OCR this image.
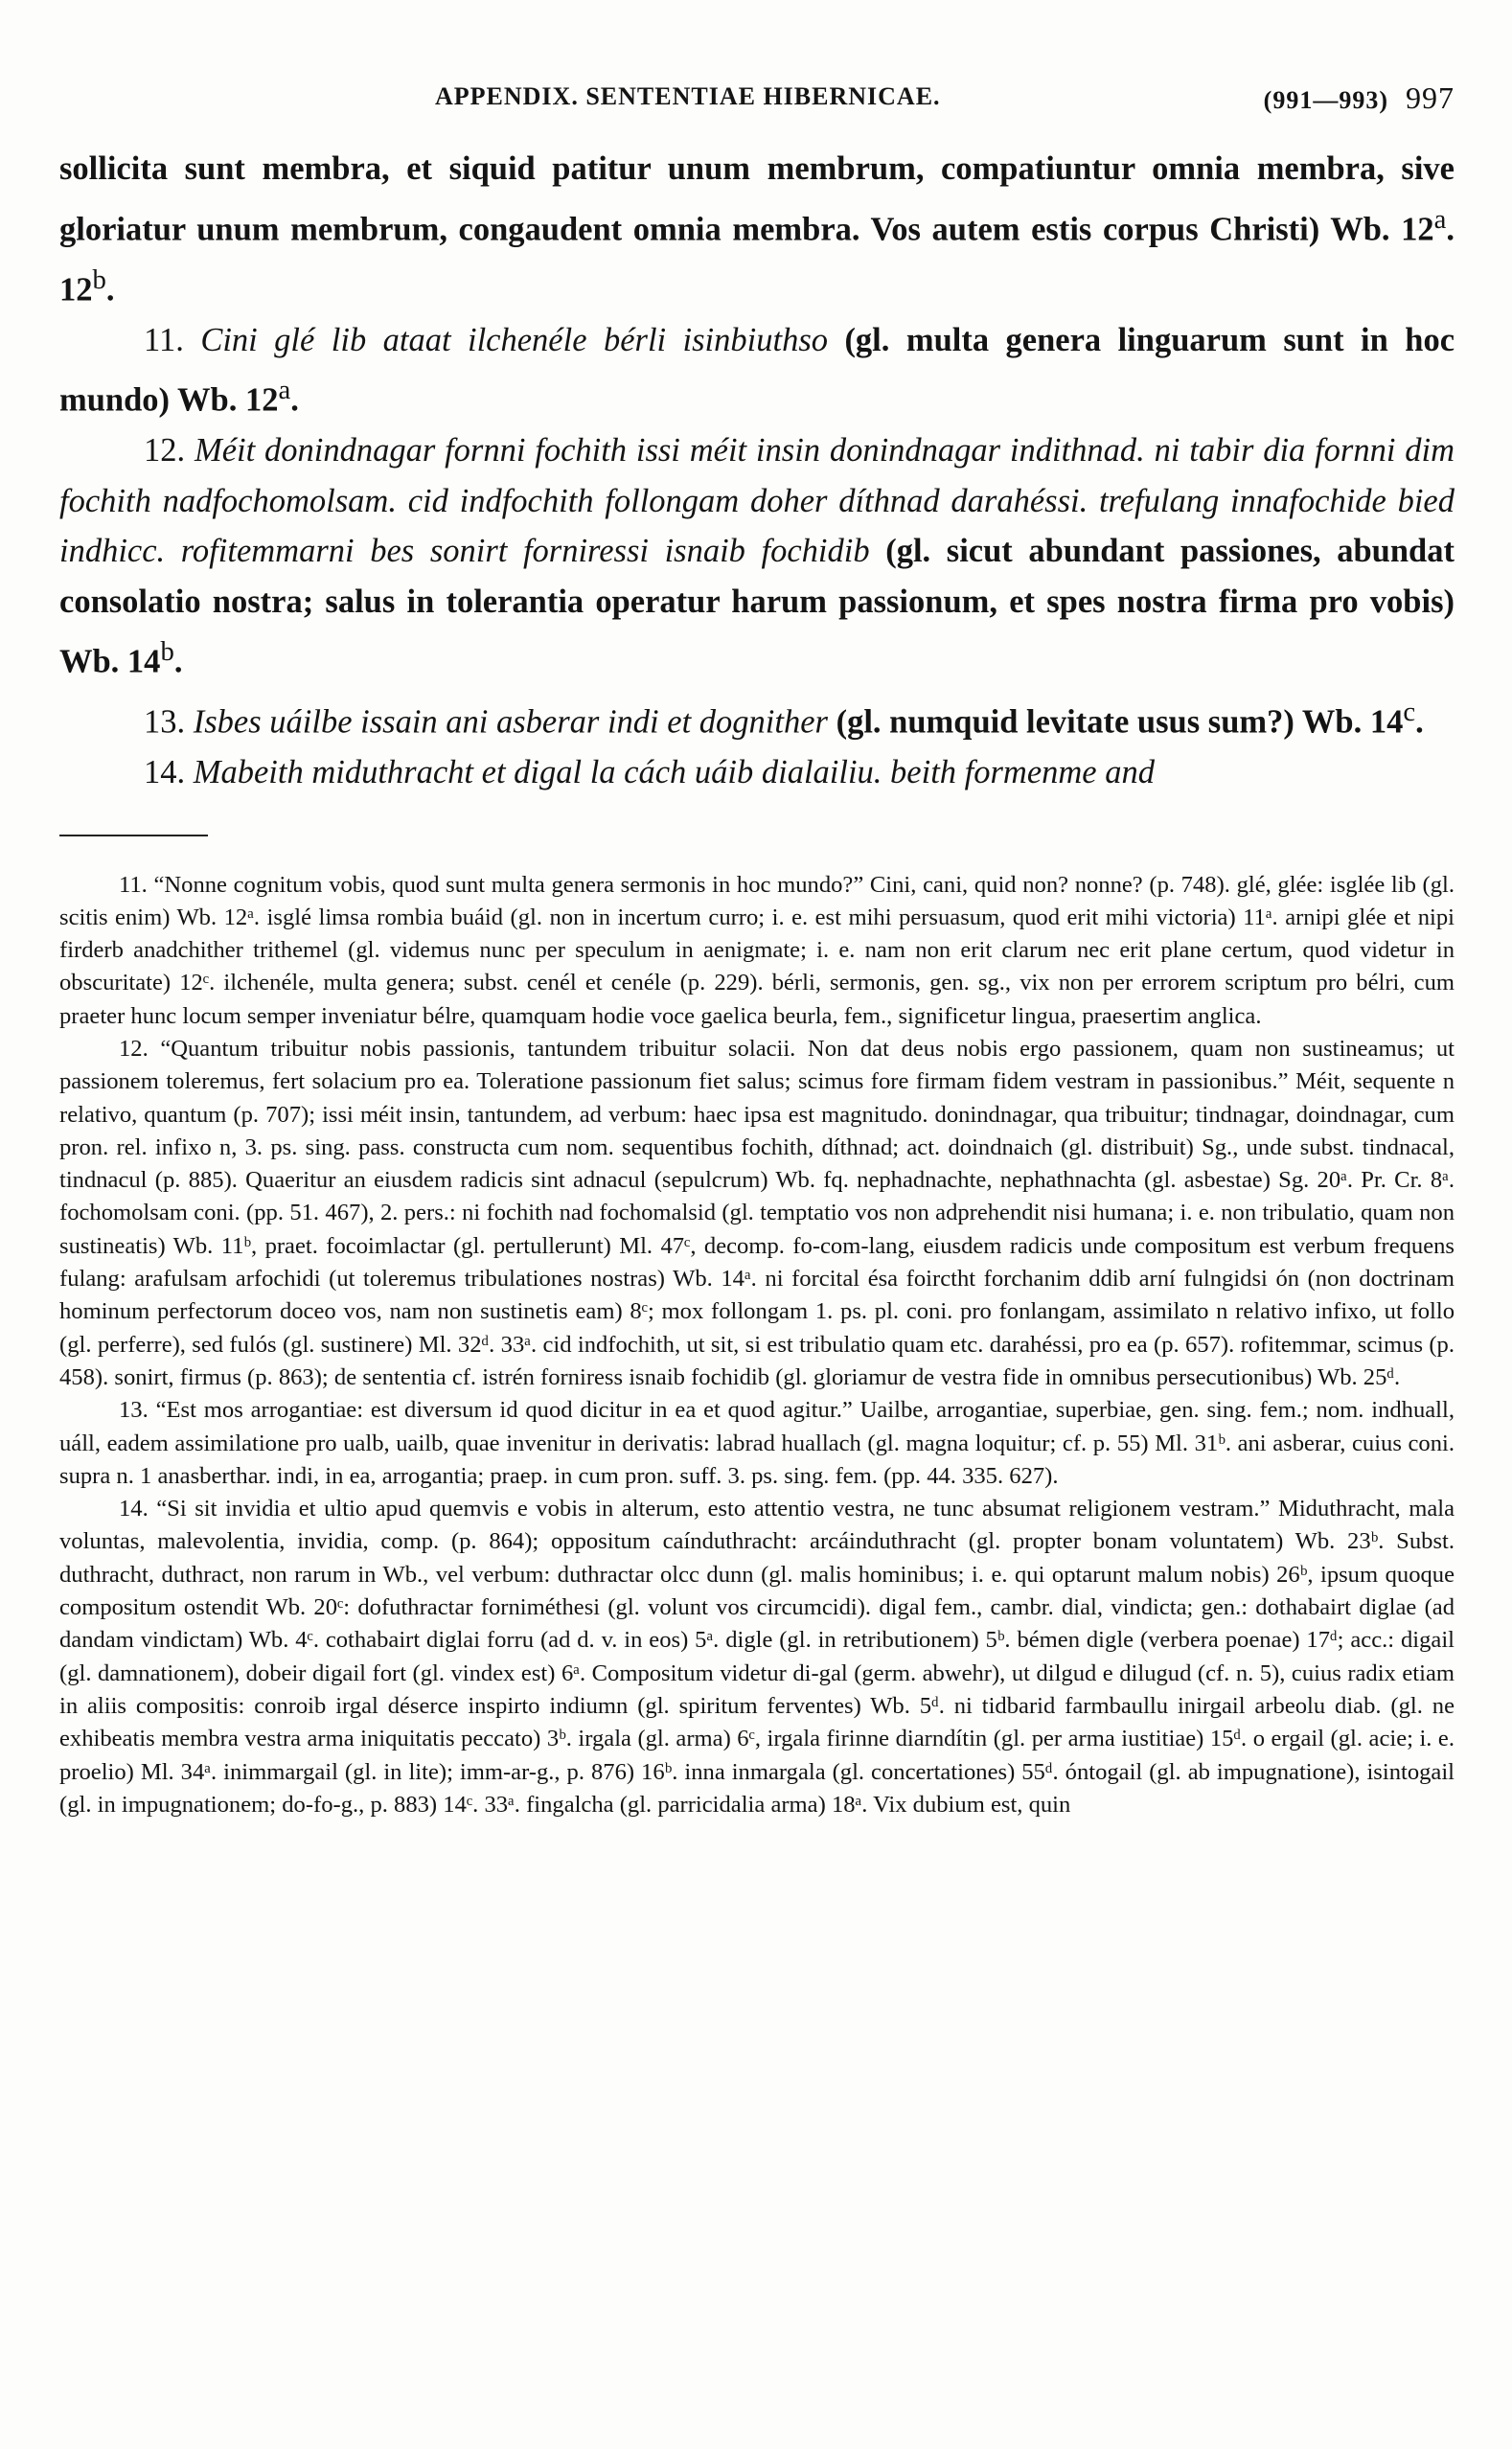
APPENDIX. SENTENTIAE HIBERNICAE.	(991—993) 997

sollicita sunt membra, et siquid patitur unum membrum, compatiuntur omnia membra, sive gloriatur unum membrum, congaudent omnia membra. Vos autem estis corpus Christi) Wb. 12$^a$. 12$^b$.

11. Cini glé lib ataat ilchenéle bérli isinbiuthso (gl. multa genera linguarum sunt in hoc mundo) Wb. 12$^a$.

12. Méit donindnagar fornni fochith issi méit insin donindnagar indithnad. ni tabir dia fornni dim fochith nadfochomolsam. cid indfochith follongam doher díthnad darahéssi. trefulang innafochide bied indhicc. rofitemmarni bes sonirt forniressi isnaib fochidib (gl. sicut abundant passiones, abundat consolatio nostra; salus in tolerantia operatur harum passionum, et spes nostra firma pro vobis) Wb. 14$^b$.

13. Isbes uáilbe issain ani asberar indi et dognither (gl. numquid levitate usus sum?) Wb. 14$^c$.

14. Mabeith miduthracht et digal la cách uáib dialailiu. beith formenme and

11. “Nonne cognitum vobis, quod sunt multa genera sermonis in hoc mundo?” Cini, cani, quid non? nonne? (p. 748). glé, glée: isglée lib (gl. scitis enim) Wb. 12ᵃ. isglé limsa rombia buáid (gl. non in incertum curro; i. e. est mihi persuasum, quod erit mihi victoria) 11ᵃ. arnipi glée et nipi firderb anadchither trithemel (gl. videmus nunc per speculum in aenigmate; i. e. nam non erit clarum nec erit plane certum, quod videtur in obscuritate) 12ᶜ. ilchenéle, multa genera; subst. cenél et cenéle (p. 229). bérli, sermonis, gen. sg., vix non per errorem scriptum pro bélri, cum praeter hunc locum semper inveniatur bélre, quamquam hodie voce gaelica beurla, fem., significetur lingua, praesertim anglica.

12. “Quantum tribuitur nobis passionis, tantundem tribuitur solacii. Non dat deus nobis ergo passionem, quam non sustineamus; ut passionem toleremus, fert solacium pro ea. Toleratione passionum fiet salus; scimus fore firmam fidem vestram in passionibus.” Méit, sequente n relativo, quantum (p. 707); issi méit insin, tantundem, ad verbum: haec ipsa est magnitudo. donindnagar, qua tribuitur; tindnagar, doindnagar, cum pron. rel. infixo n, 3. ps. sing. pass. constructa cum nom. sequentibus fochith, díthnad; act. doindnaich (gl. distribuit) Sg., unde subst. tindnacal, tindnacul (p. 885). Quaeritur an eiusdem radicis sint adnacul (sepulcrum) Wb. fq. nephadnachte, nephathnachta (gl. asbestae) Sg. 20ᵃ. Pr. Cr. 8ᵃ. fochomolsam coni. (pp. 51. 467), 2. pers.: ni fochith nad fochomalsid (gl. temptatio vos non adprehendit nisi humana; i. e. non tribulatio, quam non sustineatis) Wb. 11ᵇ, praet. focoimlactar (gl. pertullerunt) Ml. 47ᶜ, decomp. fo-com-lang, eiusdem radicis unde compositum est verbum frequens fulang: arafulsam arfochidi (ut toleremus tribulationes nostras) Wb. 14ᵃ. ni forcital ésa foirctht forchanim ddib arní fulngidsi ón (non doctrinam hominum perfectorum doceo vos, nam non sustinetis eam) 8ᶜ; mox follongam 1. ps. pl. coni. pro fonlangam, assimilato n relativo infixo, ut follo (gl. perferre), sed fulós (gl. sustinere) Ml. 32ᵈ. 33ᵃ. cid indfochith, ut sit, si est tribulatio quam etc. darahéssi, pro ea (p. 657). rofitemmar, scimus (p. 458). sonirt, firmus (p. 863); de sententia cf. istrén forniress isnaib fochidib (gl. gloriamur de vestra fide in omnibus persecutionibus) Wb. 25ᵈ.

13. “Est mos arrogantiae: est diversum id quod dicitur in ea et quod agitur.” Uailbe, arrogantiae, superbiae, gen. sing. fem.; nom. indhuall, uáll, eadem assimilatione pro ualb, uailb, quae invenitur in derivatis: labrad huallach (gl. magna loquitur; cf. p. 55) Ml. 31ᵇ. ani asberar, cuius coni. supra n. 1 anasberthar. indi, in ea, arrogantia; praep. in cum pron. suff. 3. ps. sing. fem. (pp. 44. 335. 627).

14. “Si sit invidia et ultio apud quemvis e vobis in alterum, esto attentio vestra, ne tunc absumat religionem vestram.” Miduthracht, mala voluntas, malevolentia, invidia, comp. (p. 864); oppositum caínduthracht: arcáinduthracht (gl. propter bonam voluntatem) Wb. 23ᵇ. Subst. duthracht, duthract, non rarum in Wb., vel verbum: duthractar olcc dunn (gl. malis hominibus; i. e. qui optarunt malum nobis) 26ᵇ, ipsum quoque compositum ostendit Wb. 20ᶜ: dofuthractar forniméthesi (gl. volunt vos circumcidi). digal fem., cambr. dial, vindicta; gen.: dothabairt diglae (ad dandam vindictam) Wb. 4ᶜ. cothabairt diglai forru (ad d. v. in eos) 5ᵃ. digle (gl. in retributionem) 5ᵇ. bémen digle (verbera poenae) 17ᵈ; acc.: digail (gl. damnationem), dobeir digail fort (gl. vindex est) 6ᵃ. Compositum videtur di-gal (germ. abwehr), ut dilgud e dilugud (cf. n. 5), cuius radix etiam in aliis compositis: conroib irgal déserce inspirto indiumn (gl. spiritum ferventes) Wb. 5ᵈ. ni tidbarid farmbaullu inirgail arbeolu diab. (gl. ne exhibeatis membra vestra arma iniquitatis peccato) 3ᵇ. irgala (gl. arma) 6ᶜ, irgala firinne diarndítin (gl. per arma iustitiae) 15ᵈ. o ergail (gl. acie; i. e. proelio) Ml. 34ᵃ. inimmargail (gl. in lite); imm-ar-g., p. 876) 16ᵇ. inna inmargala (gl. concertationes) 55ᵈ. óntogail (gl. ab impugnatione), isintogail (gl. in impugnationem; do-fo-g., p. 883) 14ᶜ. 33ᵃ. fingalcha (gl. parricidalia arma) 18ᵃ. Vix dubium est, quin
